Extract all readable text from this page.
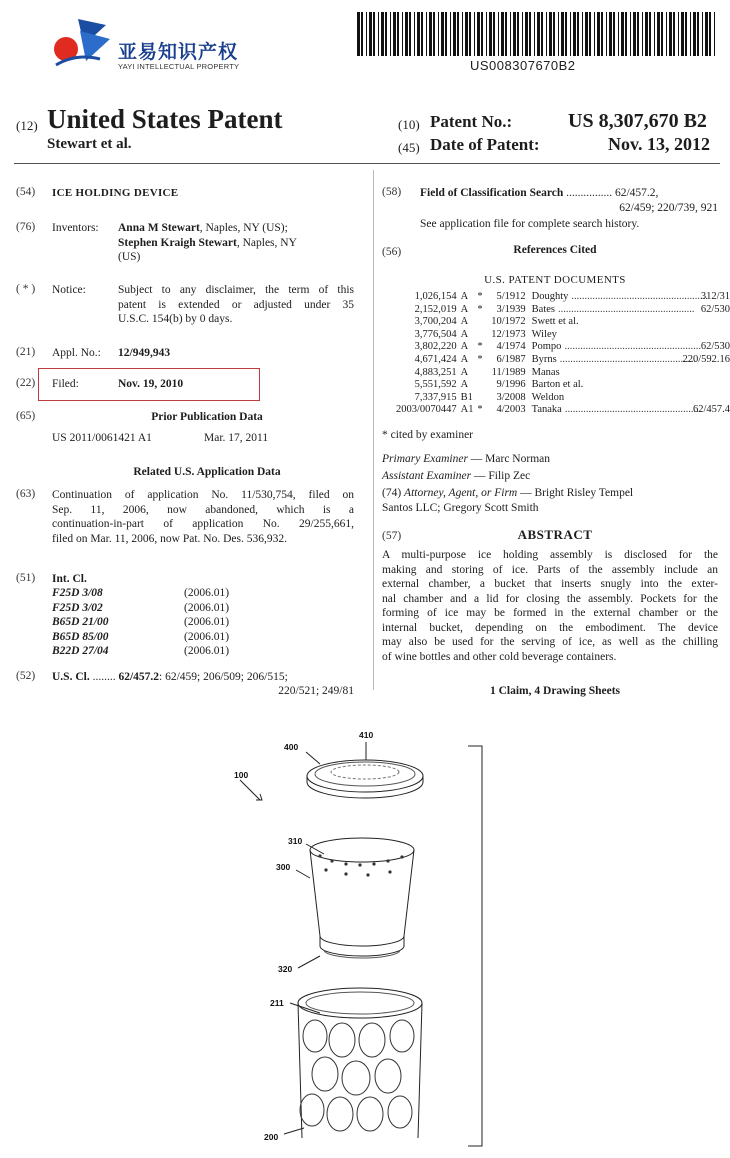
亚易知识产权
YAYI INTELLECTUAL PROPERTY	US008307670B2
(12) United States Patent
Stewart et al.
(10) Patent No.:	US 8,307,670 B2
(45) Date of Patent:	Nov. 13, 2012
(54) ICE HOLDING DEVICE
(76) Inventors: Anna M Stewart, Naples, NY (US);
Stephen Kraigh Stewart, Naples, NY
(US)
( * ) Notice:	Subject to any disclaimer, the term of this
patent is extended or adjusted under 35
U.S.C. 154(b) by 0 days.
(21) Appl. No.: 12/949,943
(22) Filed:	Nov. 19, 2010
(65)	Prior Publication Data
US 2011/0061421 A1	Mar. 17, 2011
Related U.S. Application Data
(63) Continuation of application No. 11/530,754, filed on
Sep. 11, 2006, now abandoned, which is a
continuation-in-part of application No. 29/255,661,
filed on Mar. 11, 2006, now Pat. No. Des. 536,932.
(51) Int. Cl.
F25D 3/08	(2006.01)
F25D 3/02	(2006.01)
B65D 21/00	(2006.01)
B65D 85/00	(2006.01)
B22D 27/04	(2006.01)
(52) U.S. Cl. ........ 62/457.2: 62/459; 206/509; 206/515;
220/521; 249/81
(58) Field of Classification Search ................ 62/457.2,
62/459; 220/739, 921
See application file for complete search history.
(56)	References Cited
U.S. PATENT DOCUMENTS
1,026,154	A	*	5/1912	Doughty ....................................................	312/31
2,152,019	A	*	3/1939	Bates ....................................................	62/530
3,700,204	A		10/1972	Swett et al.	
3,776,504	A		12/1973	Wiley	
3,802,220	A	*	4/1974	Pompo ....................................................	62/530
4,671,424	A	*	6/1987	Byrns ....................................................	220/592.16
4,883,251	A		11/1989	Manas	
5,551,592	A		9/1996	Barton et al.	
7,337,915	B1		3/2008	Weldon	
2003/0070447	A1	*	4/2003	Tanaka ....................................................	62/457.4
* cited by examiner
Primary Examiner — Marc Norman
Assistant Examiner — Filip Zec
(74) Attorney, Agent, or Firm — Bright Risley Tempel
Santos LLC; Gregory Scott Smith
(57)	ABSTRACT
A multi-purpose ice holding assembly is disclosed for the
making and storing of ice. Parts of the assembly include an
external chamber, a bucket that inserts snugly into the exter-
nal chamber and a lid for closing the assembly. Pockets for the
forming of ice may be formed in the external chamber or the
internal bucket, depending on the embodiment. The device
may also be used for the serving of ice, as well as the chilling
of wine bottles and other cold beverage containers.
1 Claim, 4 Drawing Sheets
410
400
100
310
300
320
211
200
